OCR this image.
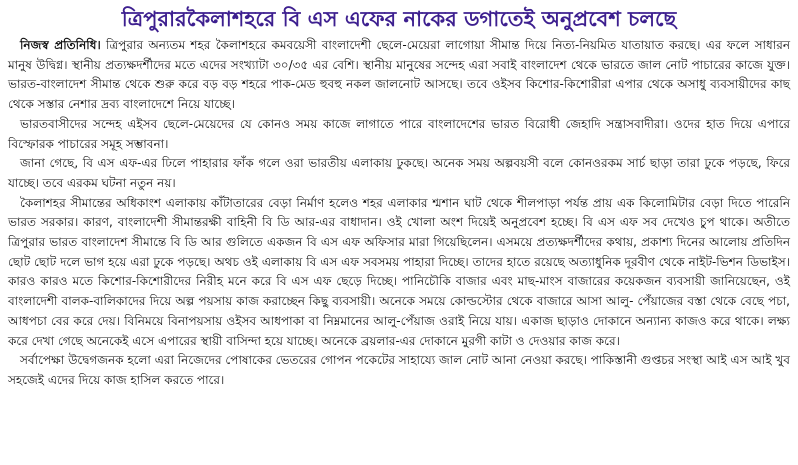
ত্রিপুরারকৈলাশহরে বি এস এফের নাকের ডগাতেই অনুপ্রবেশ চলছে

নিজস্ব প্রতিনিধি। ত্রিপুরার অন্যতম শহর কৈলাশহরে কমবয়েসী বাংলাদেশী ছেলে-মেয়েরা লাগোয়া সীমান্ত দিয়ে নিত্য-নিয়মিত যাতায়াত করছে। এর ফলে সাধারন মানুষ উদ্বিগ্ন। স্থানীয় প্রত্যক্ষদর্শীদের মতে এদের সংখ্যাটা ৩০/৩৫ এর বেশি। স্থানীয় মানুষের সন্দেহ এরা সবাই বাংলাদেশ থেকে ভারতে জাল নোট পাচারের কাজে যুক্ত। ভারত-বাংলাদেশ সীমান্ত থেকে শুরু করে বড় বড় শহরে পাক-মেড হুবহু নকল জালনোট আসছে। তবে ওইসব কিশোর-কিশোরীরা এপার থেকে অসাধু ব্যবসায়ীদের কাছ থেকে সস্তার নেশার দ্রব্য বাংলাদেশে নিয়ে যাচ্ছে।

ভারতবাসীদের সন্দেহ এইসব ছেলে-মেয়েদের যে কোনও সময় কাজে লাগাতে পারে বাংলাদেশের ভারত বিরোধী জেহাদি সন্ত্রাসবাদীরা। ওদের হাত দিয়ে এপারে বিস্ফোরক পাচারের সমূহ সম্ভাবনা।

জানা গেছে, বি এস এফ-এর ঢিলে পাহারার ফাঁক গলে ওরা ভারতীয় এলাকায় ঢুকছে। অনেক সময় অল্পবয়সী বলে কোনওরকম সার্চ ছাড়া তারা ঢুকে পড়ছে, ফিরে যাচ্ছে। তবে এরকম ঘটনা নতুন নয়।

কৈলাশহর সীমান্তের অধিকাংশ এলাকায় কাঁটাতারের বেড়া নির্মাণ হলেও শহর এলাকার শ্মশান ঘাট থেকে শীলপাড়া পর্যন্ত প্রায় এক কিলোমিটার বেড়া দিতে পারেনি ভারত সরকার। কারণ, বাংলাদেশী সীমান্তরক্ষী বাহিনী বি ডি আর-এর বাধাদান। ওই খোলা অংশ দিয়েই অনুপ্রবেশ হচ্ছে। বি এস এফ সব দেখেও চুপ থাকে। অতীতে ত্রিপুরার ভারত বাংলাদেশ সীমান্তে বি ডি আর গুলিতে একজন বি এস এফ অফিসার মারা গিয়েছিলেন। এসময়ে প্রত্যক্ষদর্শীদের কথায়, প্রকাশ্য দিনের আলোয় প্রতিদিন ছোট ছোট দলে ভাগ হয়ে এরা ঢুকে পড়ছে। অথচ ওই এলাকায় বি এস এফ সবসময় পাহারা দিচ্ছে। তাদের হাতে রয়েছে অত্যাধুনিক দূরবীণ থেকে নাইট-ভিশন ডিভাইস। কারও কারও মতে কিশোর-কিশোরীদের নিরীহ মনে করে বি এস এফ ছেড়ে দিচ্ছে। পানিচৌকি বাজার এবং মাছ-মাংস বাজারের কয়েকজন ব্যবসায়ী জানিয়েছেন, ওই বাংলাদেশী বালক-বালিকাদের দিয়ে অল্প পয়সায় কাজ করাচ্ছেন কিছু ব্যবসায়ী। অনেকে সময়ে কোল্ডস্টোর থেকে বাজারে আসা আলু- পেঁয়াজের বস্তা থেকে বেছে পচা, আধপচা বের করে দেয়। বিনিময়ে বিনাপয়সায় ওইসব আধপাকা বা নিম্নমানের আলু-পেঁয়াজ ওরাই নিয়ে যায়। একাজ ছাড়াও দোকানে অন্যান্য কাজও করে থাকে। লক্ষ্য করে দেখা গেছে অনেকেই এসে এপারের স্থায়ী বাসিন্দা হয়ে যাচ্ছে। অনেকে ব্রয়লার-এর দোকানে মুরগী কাটা ও দেওয়ার কাজ করে।

সর্বাপেক্ষা উদ্বেগজনক হলো এরা নিজেদের পোষাকের ভেতরের গোপন পকেটের সাহায্যে জাল নোট আনা নেওয়া করছে। পাকিস্তানী গুপ্তচর সংস্থা আই এস আই খুব সহজেই এদের দিয়ে কাজ হাসিল করতে পারে।
